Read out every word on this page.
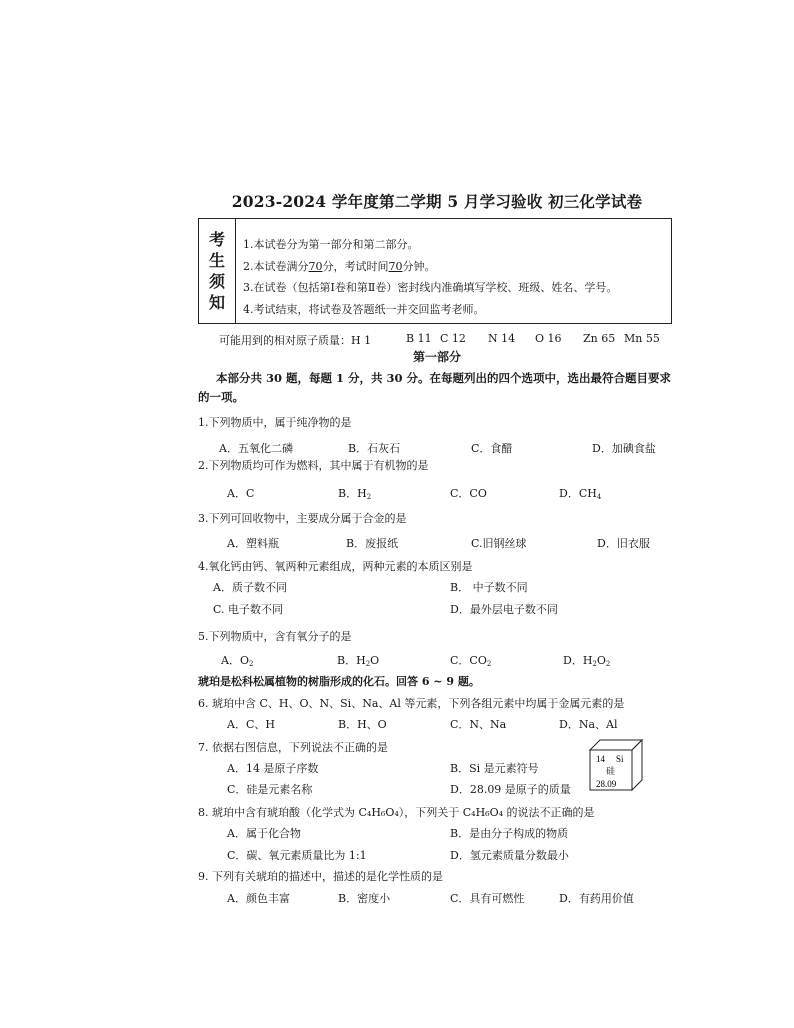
2023-2024 学年度第二学期 5 月学习验收 初三化学试卷
考
生
须
知
1.本试卷分为第一部分和第二部分。
2.本试卷满分70分，考试时间70分钟。
3.在试卷（包括第Ⅰ卷和第Ⅱ卷）密封线内准确填写学校、班级、姓名、学号。
4.考试结束，将试卷及答题纸一并交回监考老师。
可能用到的相对原子质量：H 1	B 11 C 12 N 14 O 16 Zn 65 Mn 55
第一部分
本部分共 30 题，每题 1 分，共 30 分。在每题列出的四个选项中，选出最符合题目要求
的一项。
1.下列物质中，属于纯净物的是
A．五氧化二磷	B．石灰石	C．食醋	D．加碘食盐
2.下列物质均可作为燃料，其中属于有机物的是
A．C	B．$H_2$	C．CO	D．$CH_4$
3.下列可回收物中，主要成分属于合金的是
A．塑料瓶	B．废报纸	C.旧钢丝球	D．旧衣服
4.氧化钙由钙、氧两种元素组成，两种元素的本质区别是
A．质子数不同	B． 中子数不同
C. 电子数不同	D．最外层电子数不同
5.下列物质中，含有氧分子的是
A．$O_2$	B．$H_2O$	C．$CO_2$	D．$H_2O_2$
琥珀是松科松属植物的树脂形成的化石。回答 6 ~ 9 题。
6. 琥珀中含 C、H、O、N、Si、Na、Al 等元素，下列各组元素中均属于金属元素的是
A．C、H	B．H、O	C．N、Na	D．Na、Al
7. 依据右图信息，下列说法不正确的是
A．14 是原子序数	B．Si 是元素符号
C．硅是元素名称	D．28.09 是原子的质量
14 Si
硅
28.09
8. 琥珀中含有琥珀酸（化学式为 C₄H₆O₄），下列关于 C₄H₆O₄ 的说法不正确的是
A．属于化合物	B．是由分子构成的物质
C．碳、氧元素质量比为 1:1	D．氢元素质量分数最小
9. 下列有关琥珀的描述中，描述的是化学性质的是
A．颜色丰富	B．密度小	C．具有可燃性	D．有药用价值
